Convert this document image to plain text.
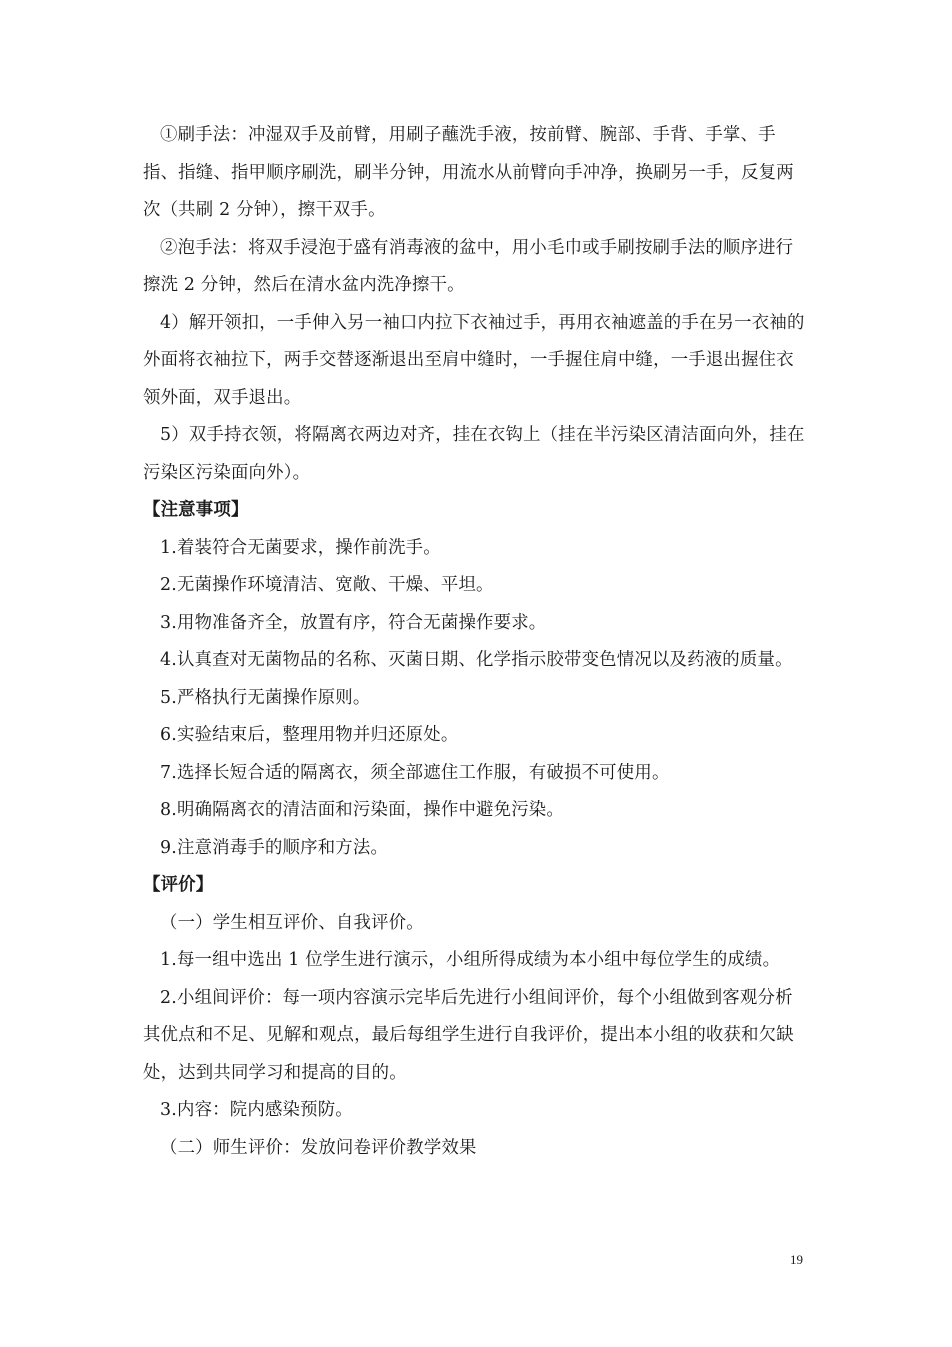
①刷手法：冲湿双手及前臂，用刷子蘸洗手液，按前臂、腕部、手背、手掌、手指、指缝、指甲顺序刷洗，刷半分钟，用流水从前臂向手冲净，换刷另一手，反复两次（共刷 2 分钟），擦干双手。

②泡手法：将双手浸泡于盛有消毒液的盆中，用小毛巾或手刷按刷手法的顺序进行擦洗 2 分钟，然后在清水盆内洗净擦干。

4）解开领扣，一手伸入另一袖口内拉下衣袖过手，再用衣袖遮盖的手在另一衣袖的外面将衣袖拉下，两手交替逐渐退出至肩中缝时，一手握住肩中缝，一手退出握住衣领外面，双手退出。

5）双手持衣领，将隔离衣两边对齐，挂在衣钩上（挂在半污染区清洁面向外，挂在污染区污染面向外）。

【注意事项】

1.着装符合无菌要求，操作前洗手。

2.无菌操作环境清洁、宽敞、干燥、平坦。

3.用物准备齐全，放置有序，符合无菌操作要求。

4.认真查对无菌物品的名称、灭菌日期、化学指示胶带变色情况以及药液的质量。

5.严格执行无菌操作原则。

6.实验结束后，整理用物并归还原处。

7.选择长短合适的隔离衣，须全部遮住工作服，有破损不可使用。

8.明确隔离衣的清洁面和污染面，操作中避免污染。

9.注意消毒手的顺序和方法。

【评价】

（一）学生相互评价、自我评价。

1.每一组中选出 1 位学生进行演示，小组所得成绩为本小组中每位学生的成绩。

2.小组间评价：每一项内容演示完毕后先进行小组间评价，每个小组做到客观分析其优点和不足、见解和观点，最后每组学生进行自我评价，提出本小组的收获和欠缺处，达到共同学习和提高的目的。

3.内容：院内感染预防。

（二）师生评价：发放问卷评价教学效果

19
